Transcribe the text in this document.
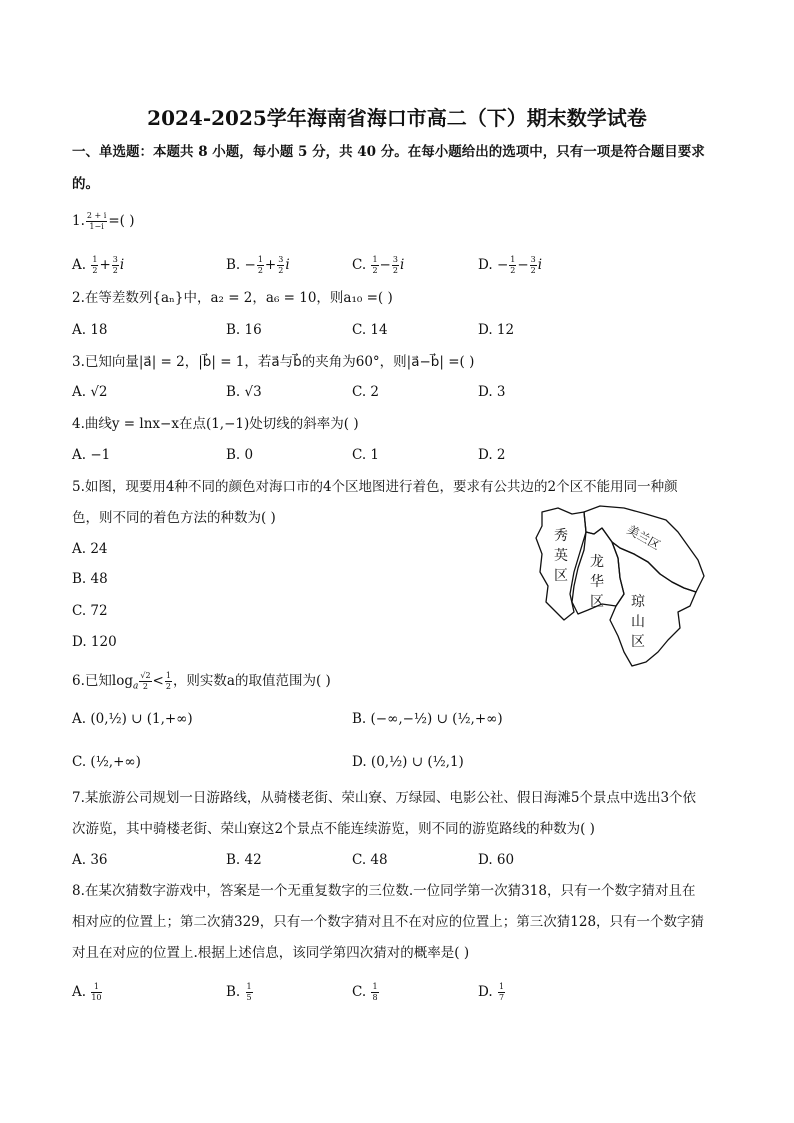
2024-2025学年海南省海口市高二（下）期末数学试卷
一、单选题：本题共 8 小题，每小题 5 分，共 40 分。在每小题给出的选项中，只有一项是符合题目要求
的。
1. $\frac{2 + i}{1-i}$ =( )
A. $\frac{1}{2} + \frac{3}{2}$ i	B. − $\frac{1}{2} + \frac{3}{2}$ i	C. $\frac{1}{2} - \frac{3}{2}$ i	D. − $\frac{1}{2} - \frac{3}{2}$ i
2.在等差数列{aₙ}中，a₂ = 2，a₆ = 10，则a₁₀ =( )
A. 18	B. 16	C. 14	D. 12
3.已知向量|a⃗| = 2，|b⃗| = 1，若a⃗与b⃗的夹角为60°，则|a⃗−b⃗| =( )
A. √2	B. √3	C. 2	D. 3
4.曲线y = lnx−x在点(1,−1)处切线的斜率为( )
A. −1	B. 0	C. 1	D. 2
5.如图，现要用4种不同的颜色对海口市的4个区地图进行着色，要求有公共边的2个区不能用同一种颜
色，则不同的着色方法的种数为( )
A. 24
B. 48
C. 72
D. 120
秀
英
区
龙
华
区 琼
山
区
美兰区
6.已知$\log_a \frac{√2}{2} < \frac{1}{2}$ ，则实数a的取值范围为( )
A. (0,½) ∪ (1,+∞)	B. (−∞,−½) ∪ (½,+∞)
C. (½,+∞)	D. (0,½) ∪ (½,1)
7.某旅游公司规划一日游路线，从骑楼老街、荣山寮、万绿园、电影公社、假日海滩5个景点中选出3个依
次游览，其中骑楼老街、荣山寮这2个景点不能连续游览，则不同的游览路线的种数为( )
A. 36	B. 42	C. 48	D. 60
8.在某次猜数字游戏中，答案是一个无重复数字的三位数.一位同学第一次猜318，只有一个数字猜对且在
相对应的位置上；第二次猜329，只有一个数字猜对且不在对应的位置上；第三次猜128，只有一个数字猜
对且在对应的位置上.根据上述信息，该同学第四次猜对的概率是( )
A. $\frac{1}{10}$	B. $\frac{1}{5}$	C. $\frac{1}{8}$	D. $\frac{1}{7}$
